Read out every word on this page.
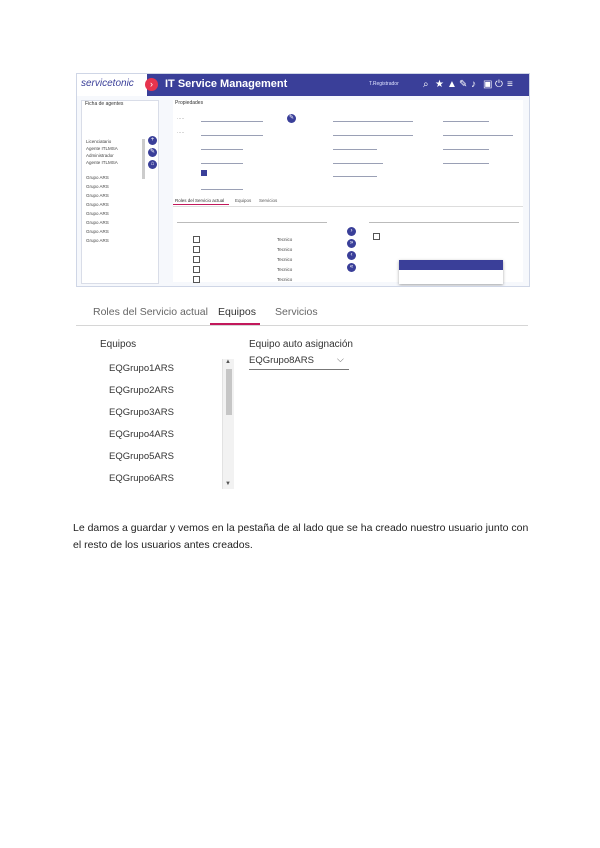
servicetonic	›	IT Service Management	T.Registrador ⌕ ★ ▲ ✎ ♪ ▣ ⏻ ≡
Ficha de agentes
Licenciatario
Agente ITLMSA
Administrador
Agente ITLMSA
Grupo ARS
Grupo ARS
Grupo ARS
Grupo ARS
Grupo ARS
Grupo ARS
Grupo ARS
Grupo ARS
+
✎
⌂
Propiedades
·····
·····
✎
Roles del Servicio actual Equipos Servicios
Tecnico
Tecnico
Tecnico
Tecnico
Tecnico
›
»
‹
«
Roles del Servicio actual Equipos Servicios
Equipos
EQGrupo1ARS
EQGrupo2ARS
EQGrupo3ARS
EQGrupo4ARS
EQGrupo5ARS
EQGrupo6ARS
▲
▼
Equipo auto asignación
EQGrupo8ARS	⌵
Le damos a guardar y vemos en la pestaña de al lado que se ha creado nuestro usuario junto con el resto de los usuarios antes creados.
